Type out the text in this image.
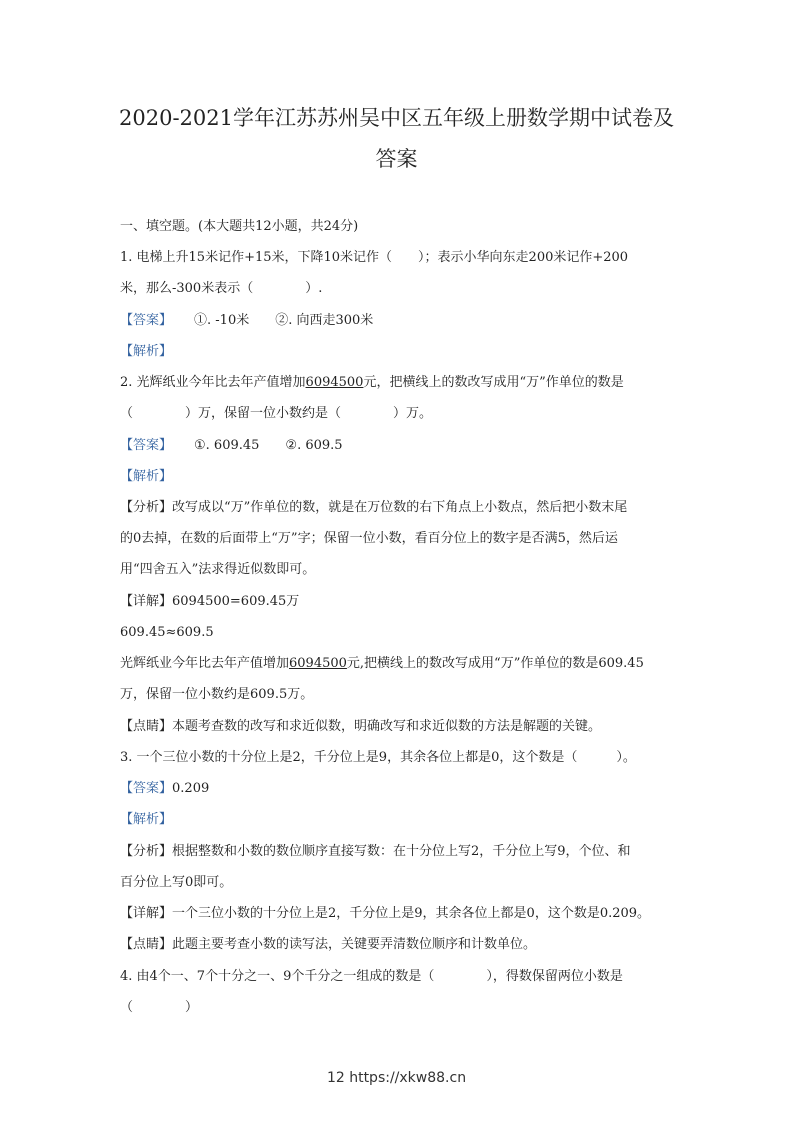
2020-2021学年江苏苏州吴中区五年级上册数学期中试卷及
答案
一、填空题。(本大题共12小题，共24分)
1. 电梯上升15米记作+15米，下降10米记作（　　）；表示小华向东走200米记作+200
米，那么-300米表示（　　　　）.
【答案】 ①. -10米　　②. 向西走300米
【解析】
2. 光辉纸业今年比去年产值增加6094500元，把横线上的数改写成用“万”作单位的数是
（　　　　）万，保留一位小数约是（　　　　）万。
【答案】 ①. 609.45　　②. 609.5
【解析】
【分析】改写成以“万”作单位的数，就是在万位数的右下角点上小数点，然后把小数末尾
的0去掉，在数的后面带上“万”字；保留一位小数，看百分位上的数字是否满5，然后运
用“四舍五入”法求得近似数即可。
【详解】6094500=609.45万
609.45≈609.5
光辉纸业今年比去年产值增加6094500元,把横线上的数改写成用“万”作单位的数是609.45
万，保留一位小数约是609.5万。
【点睛】本题考查数的改写和求近似数，明确改写和求近似数的方法是解题的关键。
3. 一个三位小数的十分位上是2，千分位上是9，其余各位上都是0，这个数是（　　　）。
【答案】0.209
【解析】
【分析】根据整数和小数的数位顺序直接写数：在十分位上写2，千分位上写9，个位、和
百分位上写0即可。
【详解】一个三位小数的十分位上是2，千分位上是9，其余各位上都是0，这个数是0.209。
【点睛】此题主要考查小数的读写法，关键要弄清数位顺序和计数单位。
4. 由4个一、7个十分之一、9个千分之一组成的数是（　　　　），得数保留两位小数是
（　　　　）
12 https://xkw88.cn
